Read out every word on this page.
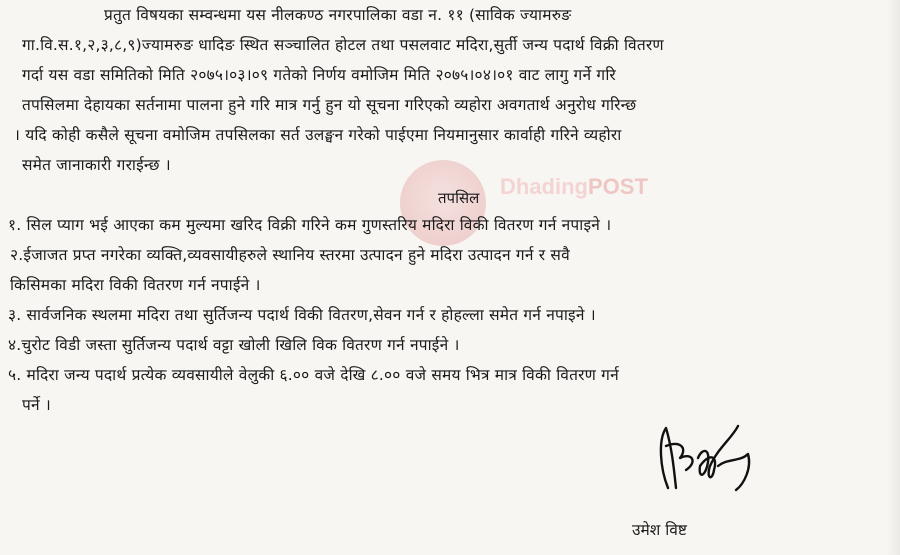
DhadingPOST
प्रतुत विषयका सम्वन्धमा यस नीलकण्ठ नगरपालिका वडा न. ११ (साविक ज्यामरुङ
गा.वि.स.१,२,३,८,९)ज्यामरुङ धादिङ स्थित सञ्चालित होटल तथा पसलवाट मदिरा,सुर्ती जन्य पदार्थ विक्री वितरण
गर्दा यस वडा समितिको मिति २०७५।०३।०९ गतेको निर्णय वमोजिम मिति २०७५।०४।०१ वाट लागु गर्ने गरि
तपसिलमा देहायका सर्तनामा पालना हुने गरि मात्र गर्नु हुन यो सूचना गरिएको व्यहोरा अवगतार्थ अनुरोध गरिन्छ
। यदि कोही कसैले सूचना वमोजिम तपसिलका सर्त उलङ्घन गरेको पाईएमा नियमानुसार कार्वाही गरिने व्यहोरा
समेत जानाकारी गराईन्छ ।
तपसिल
१. सिल प्याग भई आएका कम मुल्यमा खरिद विक्री गरिने कम गुणस्तरिय मदिरा विकी वितरण गर्न नपाइने ।
२.ईजाजत प्रप्त नगरेका व्यक्ति,व्यवसायीहरुले स्थानिय स्तरमा उत्पादन हुने मदिरा उत्पादन गर्न र सवै
किसिमका मदिरा विकी वितरण गर्न नपाईने ।
३. सार्वजनिक स्थलमा मदिरा तथा सुर्तिजन्य पदार्थ विकी वितरण,सेवन गर्न र होहल्ला समेत गर्न नपाइने ।
४.चुरोट विडी जस्ता सुर्तिजन्य पदार्थ वट्टा खोली खिलि विक वितरण गर्न नपाईने ।
५. मदिरा जन्य पदार्थ प्रत्येक व्यवसायीले वेलुकी ६.०० वजे देखि ८.०० वजे समय भित्र मात्र विकी वितरण गर्न
पर्ने ।
उमेश विष्ट
